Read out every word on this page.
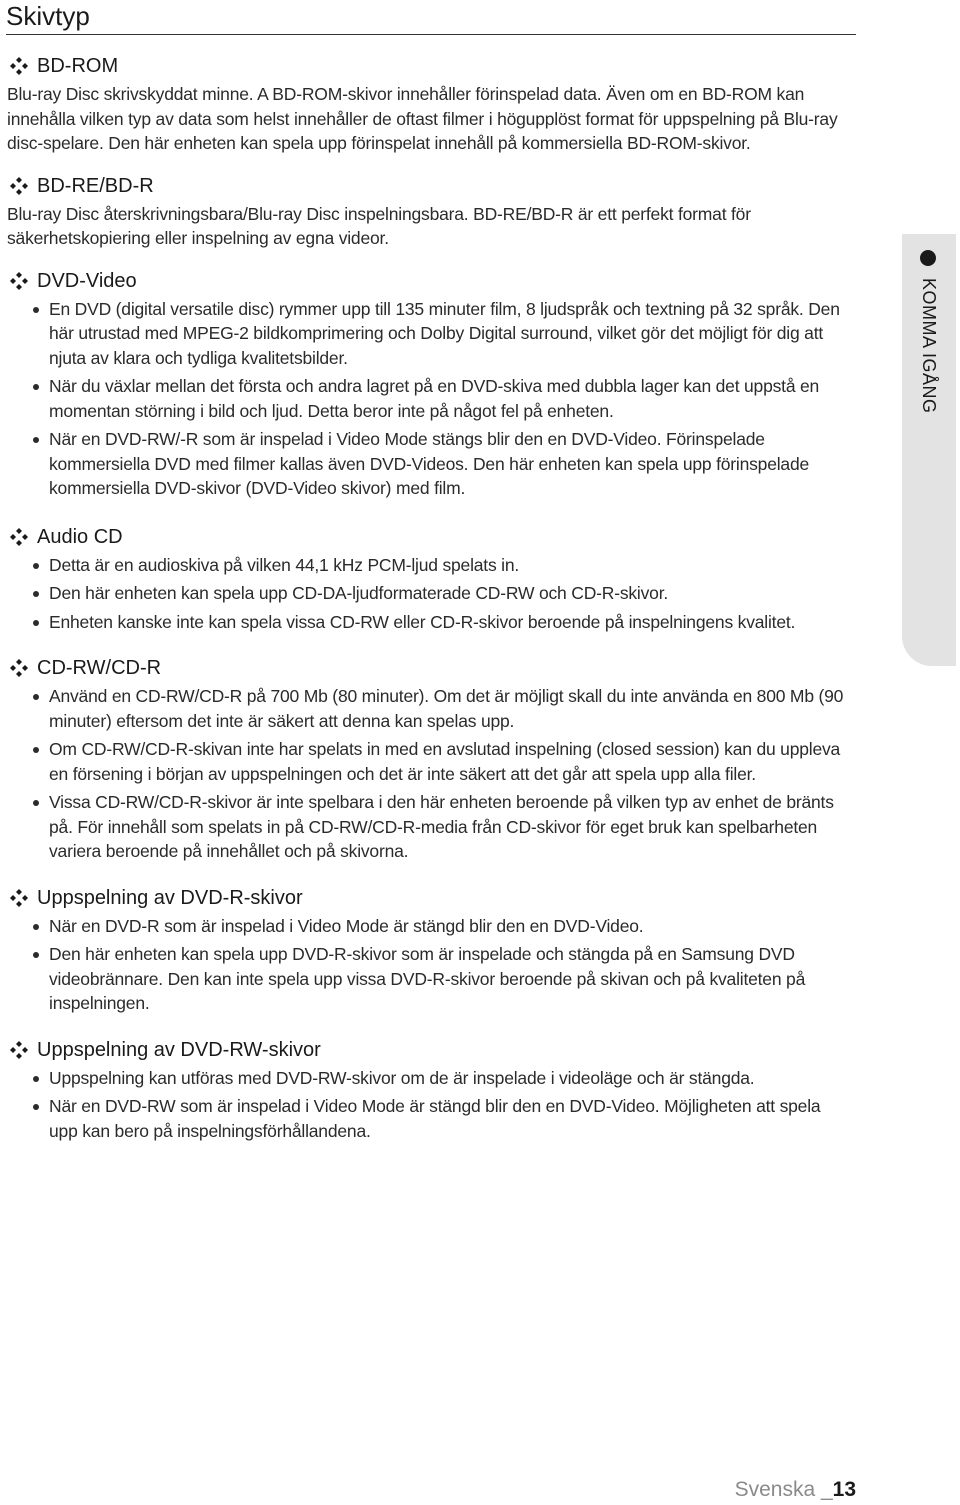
Skivtyp
BD-ROM

Blu-ray Disc skrivskyddat minne. A BD-ROM-skivor innehåller förinspelad data. Även om en BD-ROM kan innehålla vilken typ av data som helst innehåller de oftast filmer i högupplöst format för uppspelning på Blu-ray disc-spelare. Den här enheten kan spela upp förinspelat innehåll på kommersiella BD-ROM-skivor.

BD-RE/BD-R

Blu-ray Disc återskrivningsbara/Blu-ray Disc inspelningsbara. BD-RE/BD-R är ett perfekt format för säkerhetskopiering eller inspelning av egna videor.

DVD-Video
En DVD (digital versatile disc) rymmer upp till 135 minuter film, 8 ljudspråk och textning på 32 språk. Den här utrustad med MPEG-2 bildkomprimering och Dolby Digital surround, vilket gör det möjligt för dig att njuta av klara och tydliga kvalitetsbilder.
När du växlar mellan det första och andra lagret på en DVD-skiva med dubbla lager kan det uppstå en momentan störning i bild och ljud. Detta beror inte på något fel på enheten.
När en DVD-RW/-R som är inspelad i Video Mode stängs blir den en DVD-Video. Förinspelade kommersiella DVD med filmer kallas även DVD-Videos. Den här enheten kan spela upp förinspelade kommersiella DVD-skivor (DVD-Video skivor) med film.
Audio CD
Detta är en audioskiva på vilken 44,1 kHz PCM-ljud spelats in.
Den här enheten kan spela upp CD-DA-ljudformaterade CD-RW och CD-R-skivor.
Enheten kanske inte kan spela vissa CD-RW eller CD-R-skivor beroende på inspelningens kvalitet.
CD-RW/CD-R
Använd en CD-RW/CD-R på 700 Mb (80 minuter). Om det är möjligt skall du inte använda en 800 Mb (90 minuter) eftersom det inte är säkert att denna kan spelas upp.
Om CD-RW/CD-R-skivan inte har spelats in med en avslutad inspelning (closed session) kan du uppleva en försening i början av uppspelningen och det är inte säkert att det går att spela upp alla filer.
Vissa CD-RW/CD-R-skivor är inte spelbara i den här enheten beroende på vilken typ av enhet de bränts på. För innehåll som spelats in på CD-RW/CD-R-media från CD-skivor för eget bruk kan spelbarheten variera beroende på innehållet och på skivorna.
Uppspelning av DVD-R-skivor
När en DVD-R som är inspelad i Video Mode är stängd blir den en DVD-Video.
Den här enheten kan spela upp DVD-R-skivor som är inspelade och stängda på en Samsung DVD videobrännare. Den kan inte spela upp vissa DVD-R-skivor beroende på skivan och på kvaliteten på inspelningen.
Uppspelning av DVD-RW-skivor
Uppspelning kan utföras med DVD-RW-skivor om de är inspelade i videoläge och är stängda.
När en DVD-RW som är inspelad i Video Mode är stängd blir den en DVD-Video. Möjligheten att spela upp kan bero på inspelningsförhållandena.
KOMMA IGÅNG
Svenska _13
